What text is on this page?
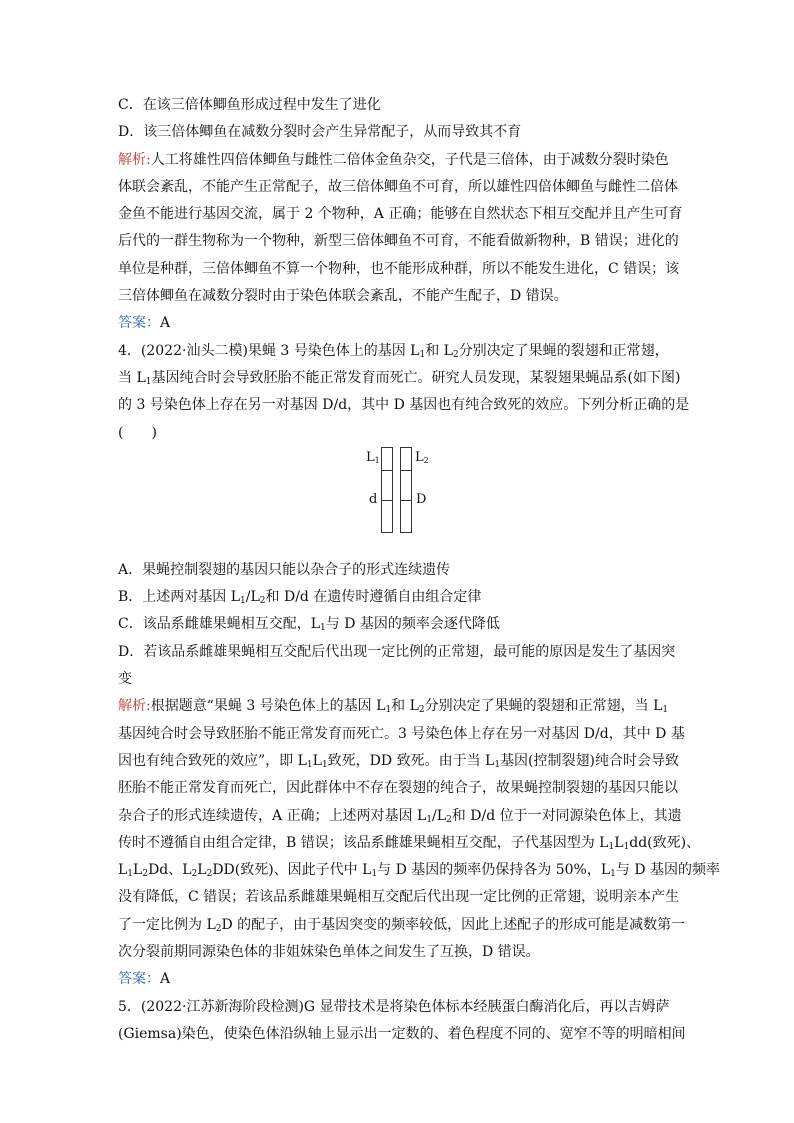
C．在该三倍体鲫鱼形成过程中发生了进化
D．该三倍体鲫鱼在减数分裂时会产生异常配子，从而导致其不育
解析:人工将雄性四倍体鲫鱼与雌性二倍体金鱼杂交，子代是三倍体，由于减数分裂时染色
体联会紊乱，不能产生正常配子，故三倍体鲫鱼不可育，所以雄性四倍体鲫鱼与雌性二倍体
金鱼不能进行基因交流，属于 2 个物种，A 正确；能够在自然状态下相互交配并且产生可育
后代的一群生物称为一个物种，新型三倍体鲫鱼不可育，不能看做新物种，B 错误；进化的
单位是种群，三倍体鲫鱼不算一个物种，也不能形成种群，所以不能发生进化，C 错误；该
三倍体鲫鱼在减数分裂时由于染色体联会紊乱，不能产生配子，D 错误。
答案：A
4．(2022·汕头二模)果蝇 3 号染色体上的基因 $L_1$和 $L_2$分别决定了果蝇的裂翅和正常翅，
当 $L_1$基因纯合时会导致胚胎不能正常发育而死亡。研究人员发现，某裂翅果蝇品系(如下图)
的 3 号染色体上存在另一对基因 D/d，其中 D 基因也有纯合致死的效应。下列分析正确的是
(　　)
$L_1$
d
$L_2$
D
A．果蝇控制裂翅的基因只能以杂合子的形式连续遗传
B．上述两对基因 $L_1/L_2$和 D/d 在遗传时遵循自由组合定律
C．该品系雌雄果蝇相互交配，$L_1$与 D 基因的频率会逐代降低
D．若该品系雌雄果蝇相互交配后代出现一定比例的正常翅，最可能的原因是发生了基因突
变
解析:根据题意“果蝇 3 号染色体上的基因 $L_1$和 $L_2$分别决定了果蝇的裂翅和正常翅，当 $L_1$
基因纯合时会导致胚胎不能正常发育而死亡。3 号染色体上存在另一对基因 D/d，其中 D 基
因也有纯合致死的效应”，即 $L_1L_1$致死，DD 致死。由于当 $L_1$基因(控制裂翅)纯合时会导致
胚胎不能正常发育而死亡，因此群体中不存在裂翅的纯合子，故果蝇控制裂翅的基因只能以
杂合子的形式连续遗传，A 正确；上述两对基因 $L_1/L_2$和 D/d 位于一对同源染色体上，其遗
传时不遵循自由组合定律，B 错误；该品系雌雄果蝇相互交配，子代基因型为 $L_1L_1dd$(致死)、
$L_1L_2Dd$、$L_2L_2DD$(致死)、因此子代中 $L_1$与 D 基因的频率仍保持各为 50%，$L_1$与 D 基因的频率
没有降低，C 错误；若该品系雌雄果蝇相互交配后代出现一定比例的正常翅，说明亲本产生
了一定比例为 $L_2D$ 的配子，由于基因突变的频率较低，因此上述配子的形成可能是减数第一
次分裂前期同源染色体的非姐妹染色单体之间发生了互换，D 错误。
答案：A
5．(2022·江苏新海阶段检测)G 显带技术是将染色体标本经胰蛋白酶消化后，再以吉姆萨
(Giemsa)染色，使染色体沿纵轴上显示出一定数的、着色程度不同的、宽窄不等的明暗相间
